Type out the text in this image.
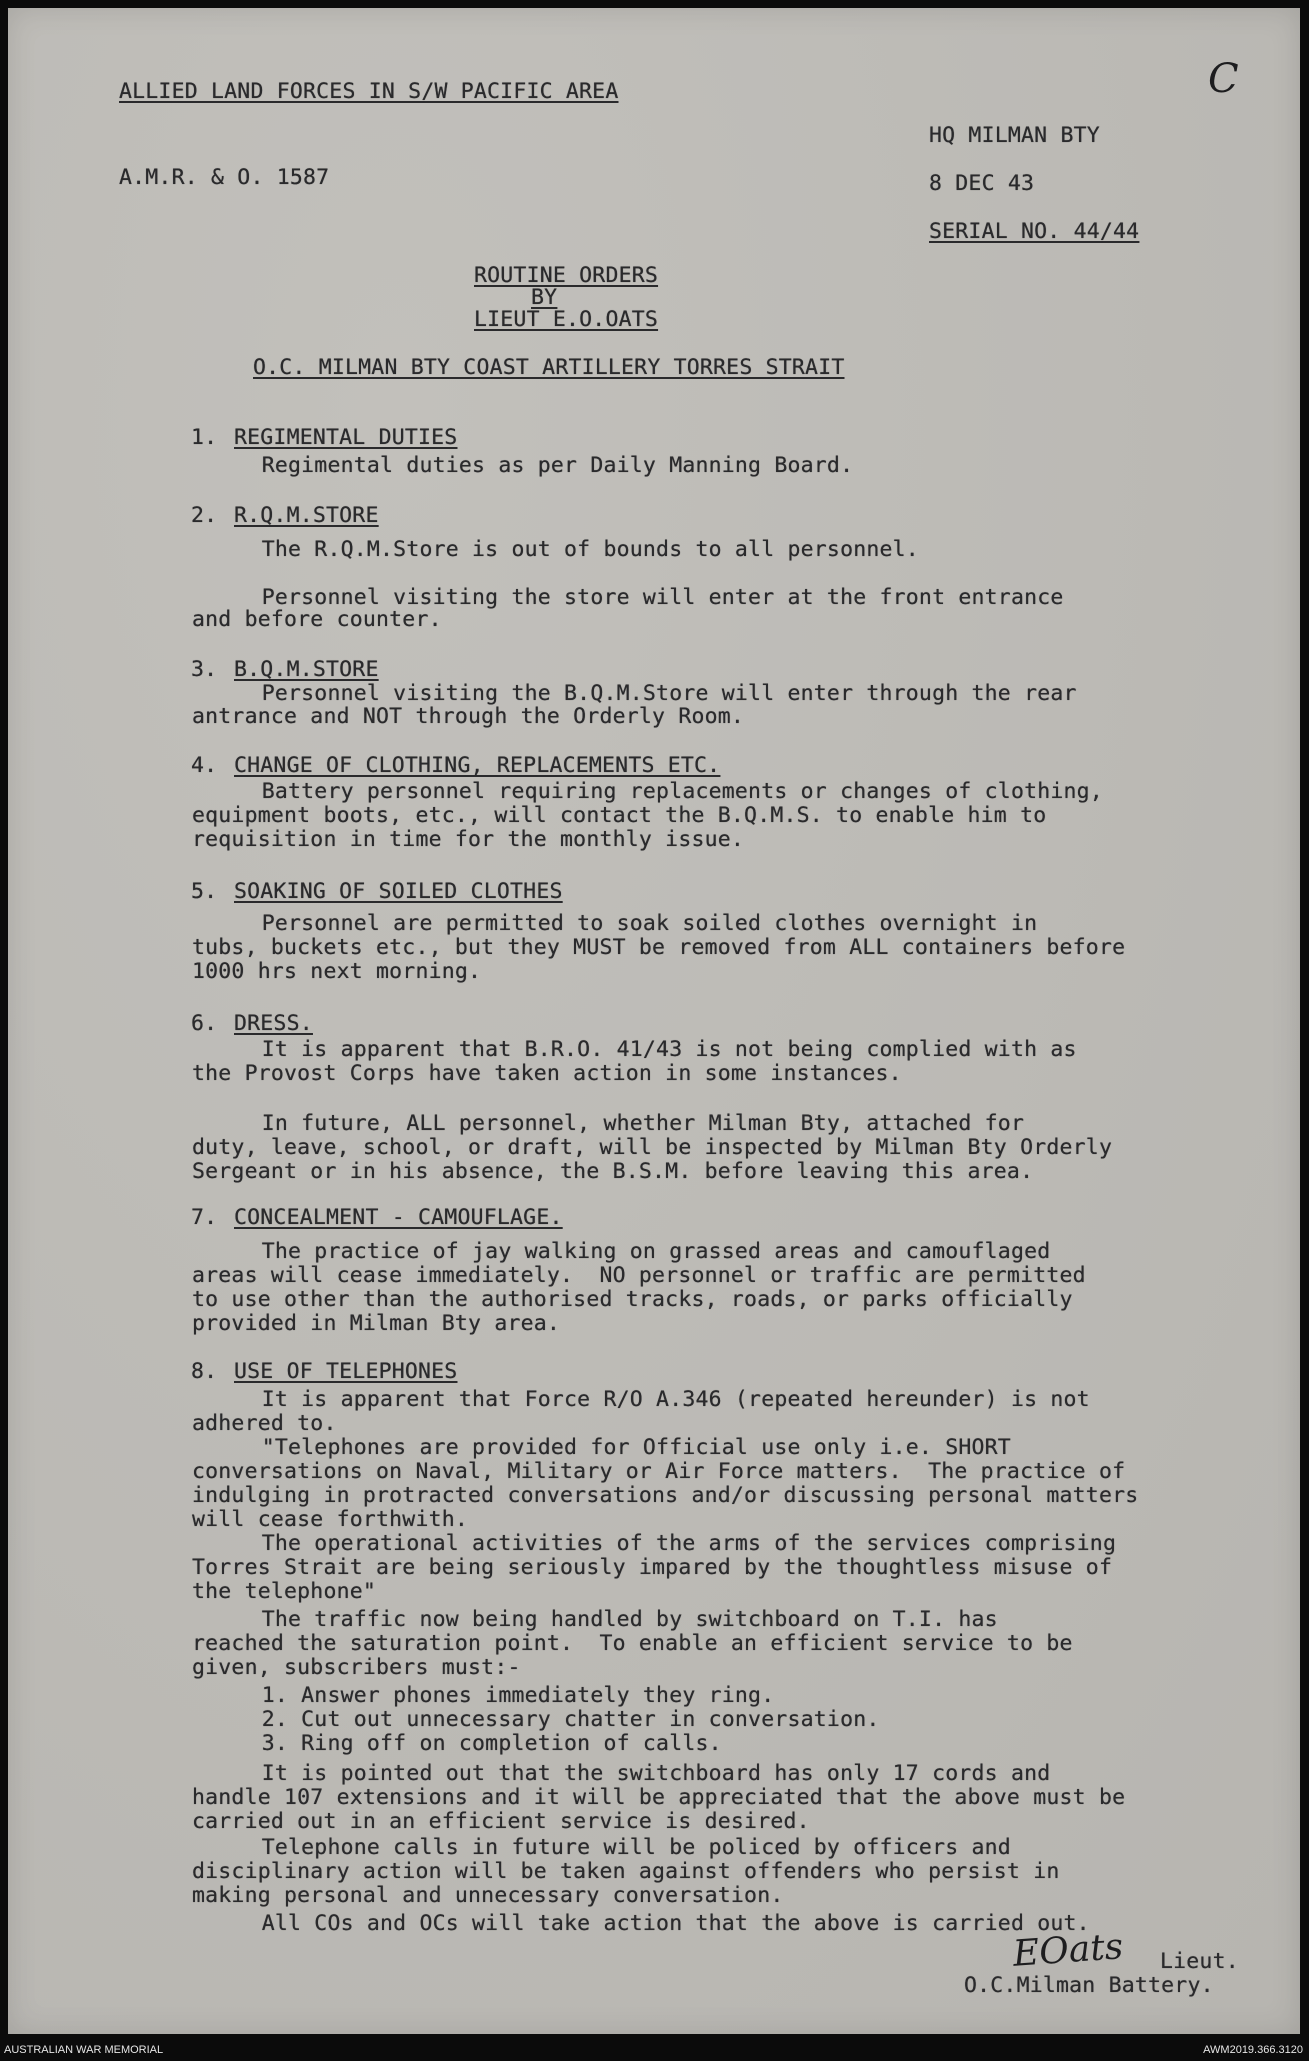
ALLIED LAND FORCES IN S/W PACIFIC AREA	C
HQ MILMAN BTY
A.M.R. & O. 1587	8 DEC 43
SERIAL NO. 44/44
ROUTINE ORDERS
BY
LIEUT E.O.OATS
O.C. MILMAN BTY COAST ARTILLERY TORRES STRAIT
1. REGIMENTAL DUTIES
Regimental duties as per Daily Manning Board.
2. R.Q.M.STORE
The R.Q.M.Store is out of bounds to all personnel.
Personnel visiting the store will enter at the front entrance
and before counter.
3. B.Q.M.STORE
Personnel visiting the B.Q.M.Store will enter through the rear
antrance and NOT through the Orderly Room.
4. CHANGE OF CLOTHING, REPLACEMENTS ETC.
Battery personnel requiring replacements or changes of clothing,
equipment boots, etc., will contact the B.Q.M.S. to enable him to
requisition in time for the monthly issue.
5. SOAKING OF SOILED CLOTHES
Personnel are permitted to soak soiled clothes overnight in
tubs, buckets etc., but they MUST be removed from ALL containers before
1000 hrs next morning.
6. DRESS.
It is apparent that B.R.O. 41/43 is not being complied with as
the Provost Corps have taken action in some instances.
In future, ALL personnel, whether Milman Bty, attached for
duty, leave, school, or draft, will be inspected by Milman Bty Orderly
Sergeant or in his absence, the B.S.M. before leaving this area.
7. CONCEALMENT - CAMOUFLAGE.
The practice of jay walking on grassed areas and camouflaged
areas will cease immediately.  NO personnel or traffic are permitted
to use other than the authorised tracks, roads, or parks officially
provided in Milman Bty area.
8. USE OF TELEPHONES
It is apparent that Force R/O A.346 (repeated hereunder) is not
adhered to.
"Telephones are provided for Official use only i.e. SHORT
conversations on Naval, Military or Air Force matters.  The practice of
indulging in protracted conversations and/or discussing personal matters
will cease forthwith.
The operational activities of the arms of the services comprising
Torres Strait are being seriously impared by the thoughtless misuse of
the telephone"
The traffic now being handled by switchboard on T.I. has
reached the saturation point.  To enable an efficient service to be
given, subscribers must:-
1. Answer phones immediately they ring.
2. Cut out unnecessary chatter in conversation.
3. Ring off on completion of calls.
It is pointed out that the switchboard has only 17 cords and
handle 107 extensions and it will be appreciated that the above must be
carried out in an efficient service is desired.
Telephone calls in future will be policed by officers and
disciplinary action will be taken against offenders who persist in
making personal and unnecessary conversation.
All COs and OCs will take action that the above is carried out.
EOats Lieut.
O.C.Milman Battery.
AUSTRALIAN WAR MEMORIAL	AWM2019.366.3120
